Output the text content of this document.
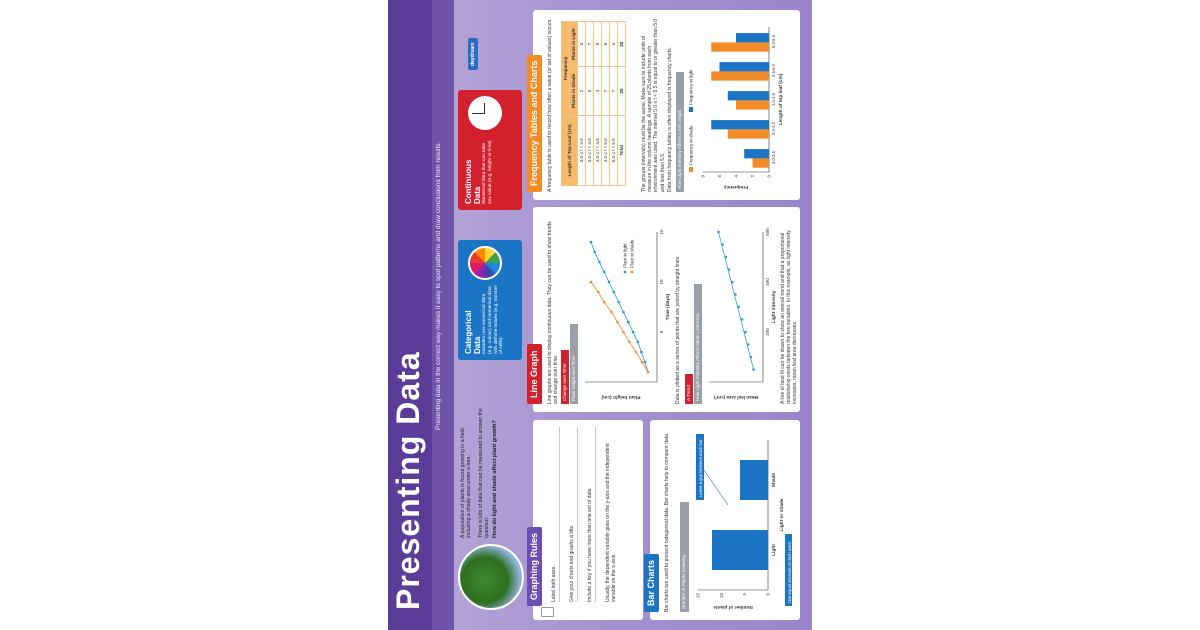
Presenting Data
Presenting data in the correct way makes it easy to spot patterns and draw conclusions from results.
A population of plants is found growing in a field, including a shady area under a tree. There is lots of data that can be measured to answer the question: How do light and shade affect plant growth?
Categorical Data Includes non-numerical data (e.g. colour) and numerical data with definite values (e.g. number of cells).
Continuous Data Numerical data that can take any value (e.g. height or time)
daydream
Graphing Rules	Label both axes.	Give your charts and graphs a title.	Include a key if you have more than one set of data.	Usually, the dependent variable goes on the y-axis and the independent variable on the x-axis.	Bar Charts	Bar charts are used to present categorical data. Bar charts help to compare data. Number of Plants Growing	0
5
10
15
Light
Shade
Light or shade
Number of plants
Leave a gap between each bar.
Use equal intervals on both axes.
Line Graph	Line graphs are used to display continuous data. They can be used to show trends and change over time. Change over Time Plant height over Time
5
10
15
Time (days)
Plant height (cm)
Plant in light Plant in shade
Data is plotted as a series of points that are joined by straight lines. A Trend How Light Intensity Affects Mean Leaf Area	200
400
600
Light intensity
Mean leaf area (cm²)	A line of best fit can be drawn to show an overall trend and that a proportional relationship exists between the two variables. In this example, as light intensity increases, mean leaf area decreases.
Frequency Tables and Charts	A frequency table is used to record how often a value (or set of values) occurs.	Length of Top Leaf (cm)	Frequency	
	Plants in Shade	Plants in Light
3.0 ≤ l < 3.5	2	3
3.5 ≤ l < 4.0	5	7
4.0 ≤ l < 4.5	4	5
4.5 ≤ l < 5.0	7	6
5.0 ≤ l < 5.5	7	4
Total	25	25	The groups (intervals) must be the same. Make sure to include units of measure in the column headings. A sample of 25 plants from each environment was used. The interval 5.0 ≤ l < 5.5 is equal to or greater than 5.0 and less than 5.5. Data from frequency tables is often displayed in frequency charts. How Light Intensity Affects Leaf Length	Frequency in shade
Frequency in light
0
2
4
6
8
3.0-3.5
3.5-4.0
4.0-4.5
4.5-5.0
5.0-5.5
Length of top leaf (cm)
Frequency
